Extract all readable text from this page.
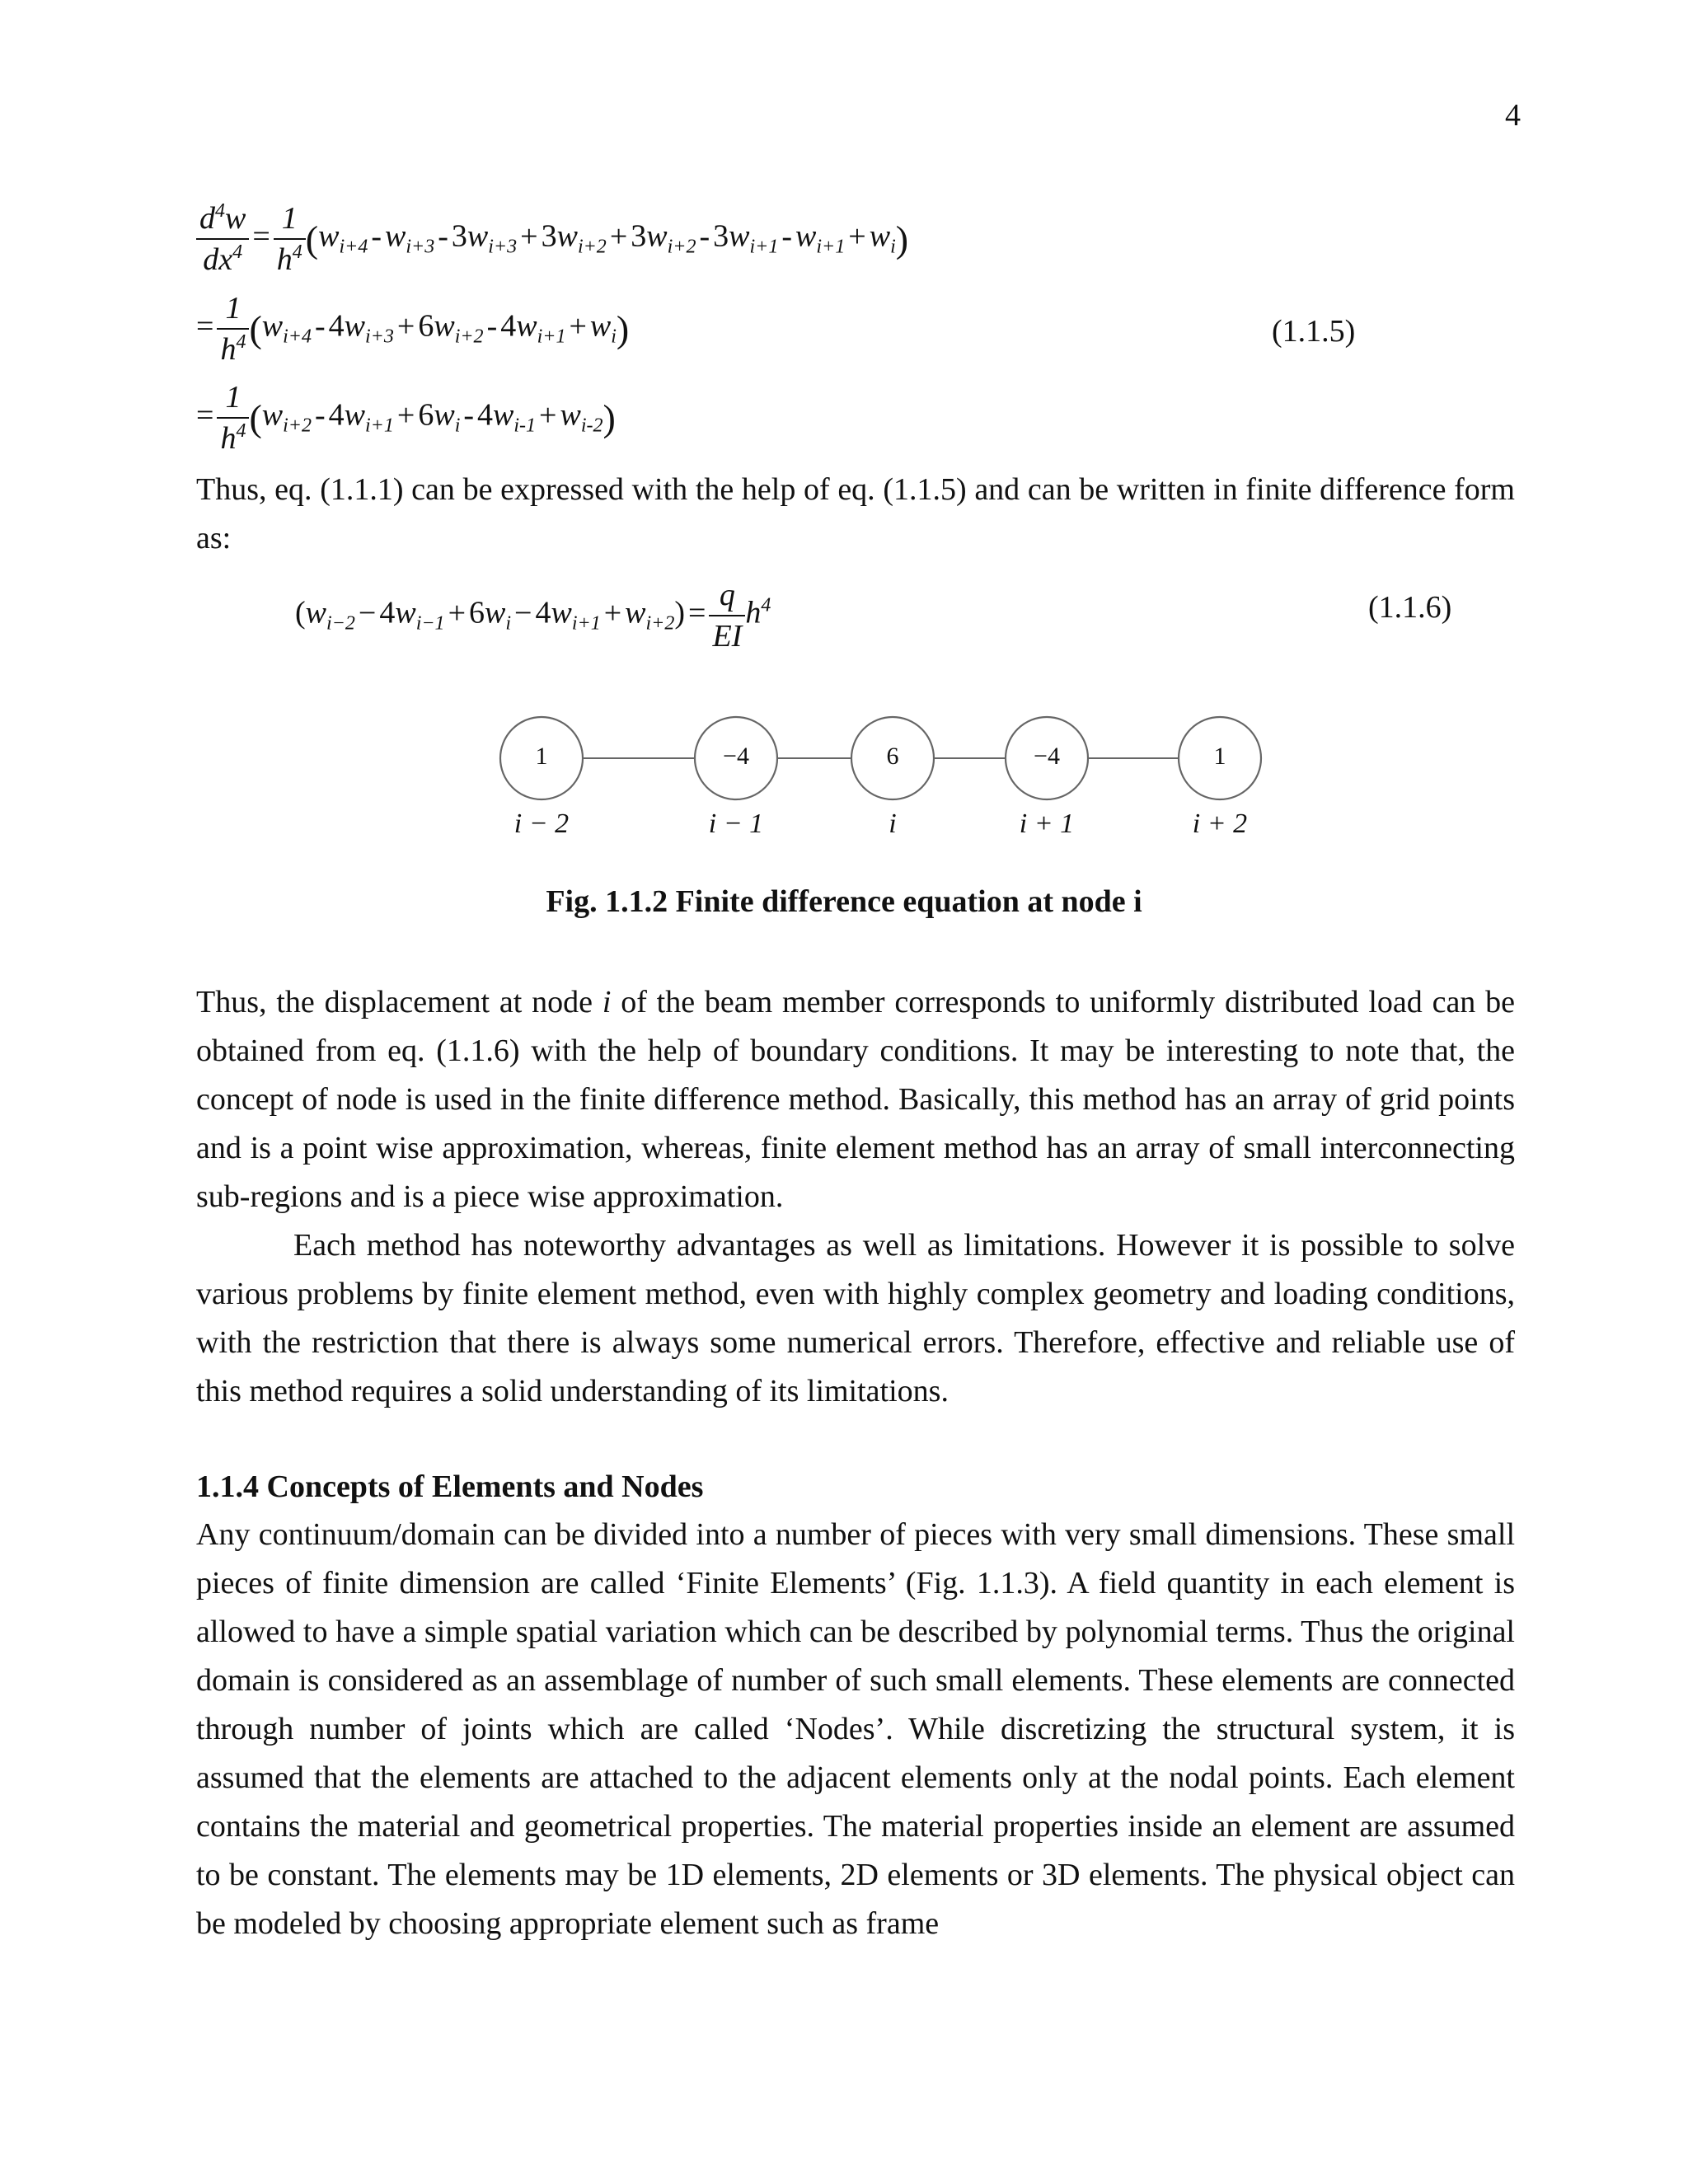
4
$\frac{d^4w}{dx^4} = \frac{1}{h^4} (w_{i+4} - w_{i+3} - 3w_{i+3} + 3w_{i+2} + 3w_{i+2} - 3w_{i+1} - w_{i+1} + w_i)$
= $\frac{1}{h^4} (w_{i+4} - 4w_{i+3} + 6w_{i+2} - 4w_{i+1} + w_i)$	(1.1.5)
= $\frac{1}{h^4} (w_{i+2} - 4w_{i+1} + 6w_i - 4w_{i-1} + w_{i-2})$

Thus, eq. (1.1.1) can be expressed with the help of eq. (1.1.5) and can be written in finite difference form as:

$(w_{i-2} - 4w_{i-1} + 6w_i - 4w_{i+1} + w_{i+2}) = \frac{q}{EI} h^4$	(1.1.6)
1
i − 2
−4
i − 1
6
i
−4
i + 1
1
i + 2
Fig. 1.1.2 Finite difference equation at node i

Thus, the displacement at node i of the beam member corresponds to uniformly distributed load can be obtained from eq. (1.1.6) with the help of boundary conditions. It may be interesting to note that, the concept of node is used in the finite difference method. Basically, this method has an array of grid points and is a point wise approximation, whereas, finite element method has an array of small interconnecting sub-regions and is a piece wise approximation.

Each method has noteworthy advantages as well as limitations. However it is possible to solve various problems by finite element method, even with highly complex geometry and loading conditions, with the restriction that there is always some numerical errors. Therefore, effective and reliable use of this method requires a solid understanding of its limitations.

1.1.4 Concepts of Elements and Nodes

Any continuum/domain can be divided into a number of pieces with very small dimensions. These small pieces of finite dimension are called ‘Finite Elements’ (Fig. 1.1.3). A field quantity in each element is allowed to have a simple spatial variation which can be described by polynomial terms. Thus the original domain is considered as an assemblage of number of such small elements. These elements are connected through number of joints which are called ‘Nodes’. While discretizing the structural system, it is assumed that the elements are attached to the adjacent elements only at the nodal points. Each element contains the material and geometrical properties. The material properties inside an element are assumed to be constant. The elements may be 1D elements, 2D elements or 3D elements. The physical object can be modeled by choosing appropriate element such as frame
